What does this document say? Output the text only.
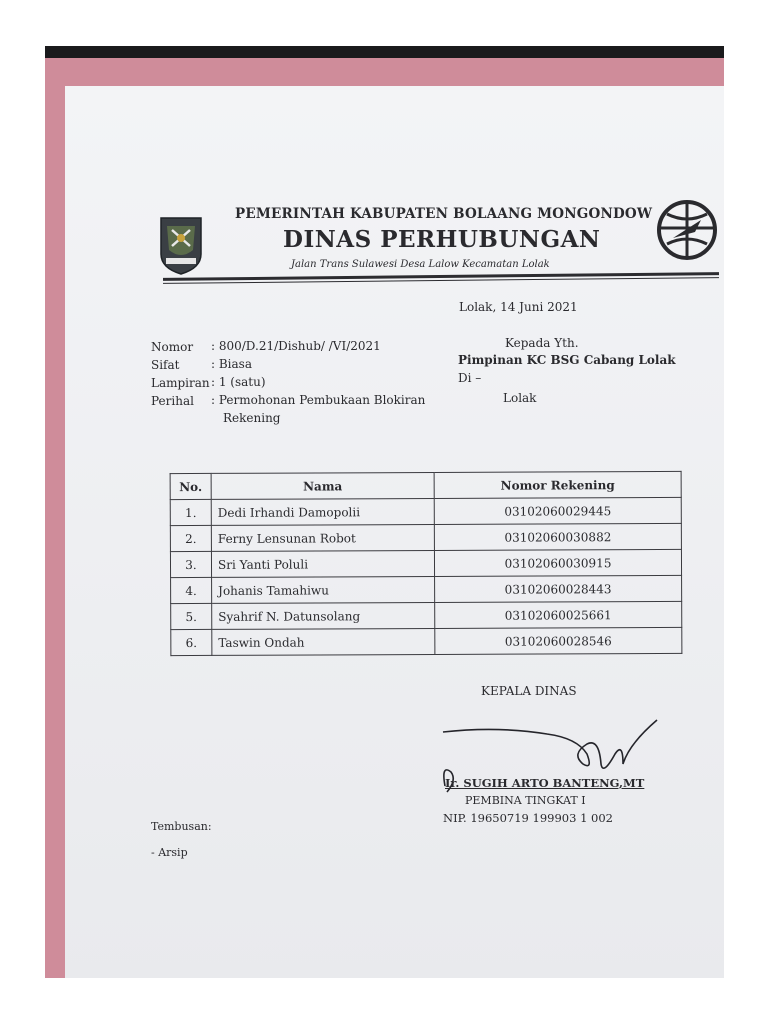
PEMERINTAH KABUPATEN BOLAANG MONGONDOW
DINAS PERHUBUNGAN
Jalan Trans Sulawesi Desa Lalow Kecamatan Lolak
Lolak, 14 Juni 2021
Nomor : 800/D.21/Dishub/ /VI/2021
Sifat	: Biasa
Lampiran : 1 (satu)
Perihal : Permohonan Pembukaan Blokiran
Rekening
Kepada Yth.
Pimpinan KC BSG Cabang Lolak
Di –
Lolak
No.	Nama	Nomor Rekening
1.	Dedi Irhandi Damopolii	03102060029445
2.	Ferny Lensunan Robot	03102060030882
3.	Sri Yanti Poluli	03102060030915
4.	Johanis Tamahiwu	03102060028443
5.	Syahrif N. Datunsolang	03102060025661
6.	Taswin Ondah	03102060028546
KEPALA DINAS
Ir. SUGIH ARTO BANTENG,MT
PEMBINA TINGKAT I
NIP. 19650719 199903 1 002
Tembusan:
- Arsip
